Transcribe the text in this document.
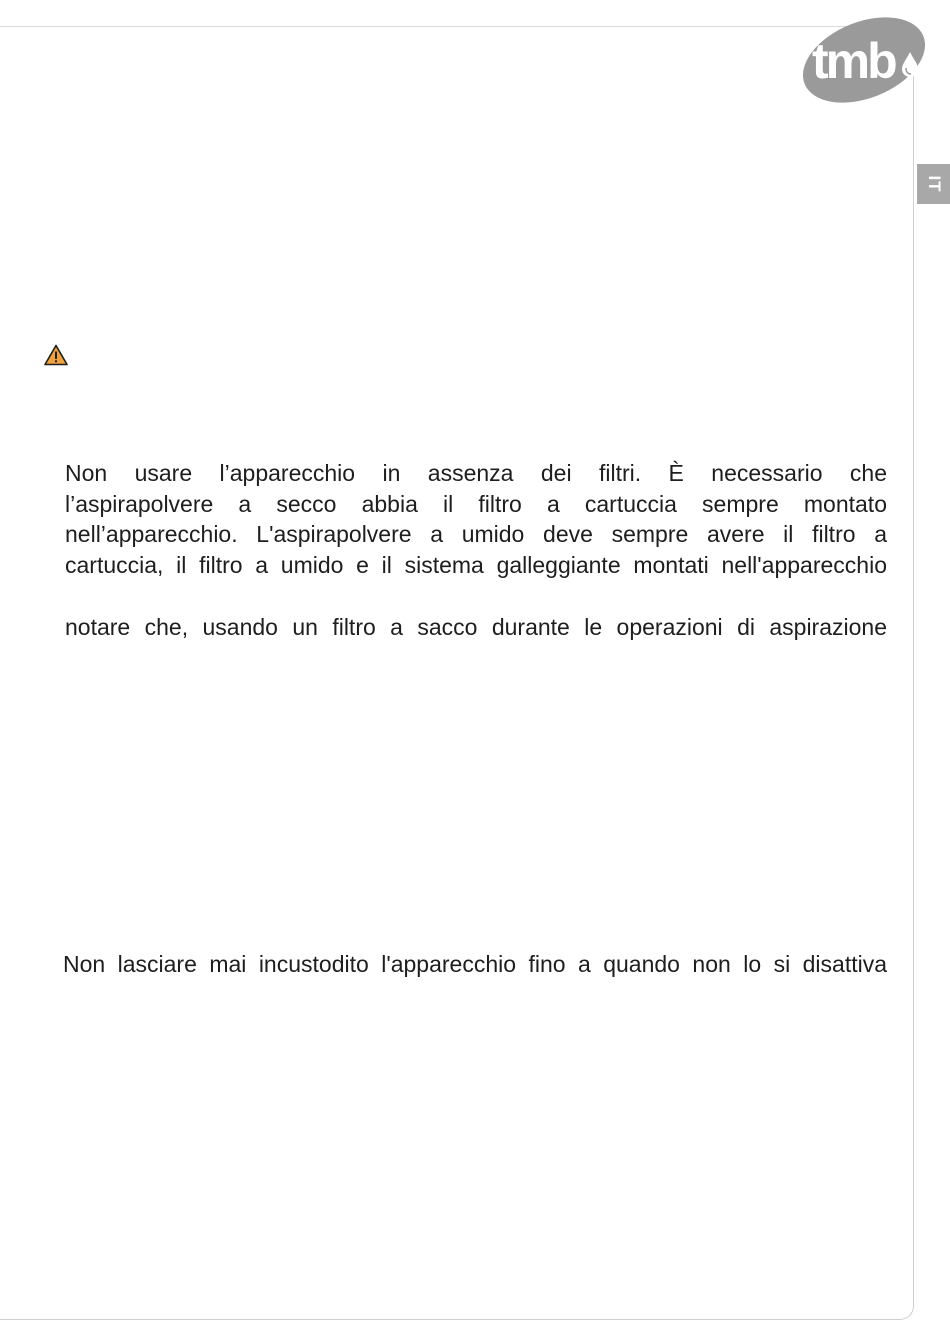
tmb
IT
Non usare l’apparecchio in assenza dei filtri. È necessario che
l’aspirapolvere a secco abbia il filtro a cartuccia sempre montato
nell’apparecchio. L'aspirapolvere a umido deve sempre avere il filtro a
cartuccia, il filtro a umido e il sistema galleggiante montati nell'apparecchio
notare che, usando un filtro a sacco durante le operazioni di aspirazione
Non lasciare mai incustodito l'apparecchio fino a quando non lo si disattiva
